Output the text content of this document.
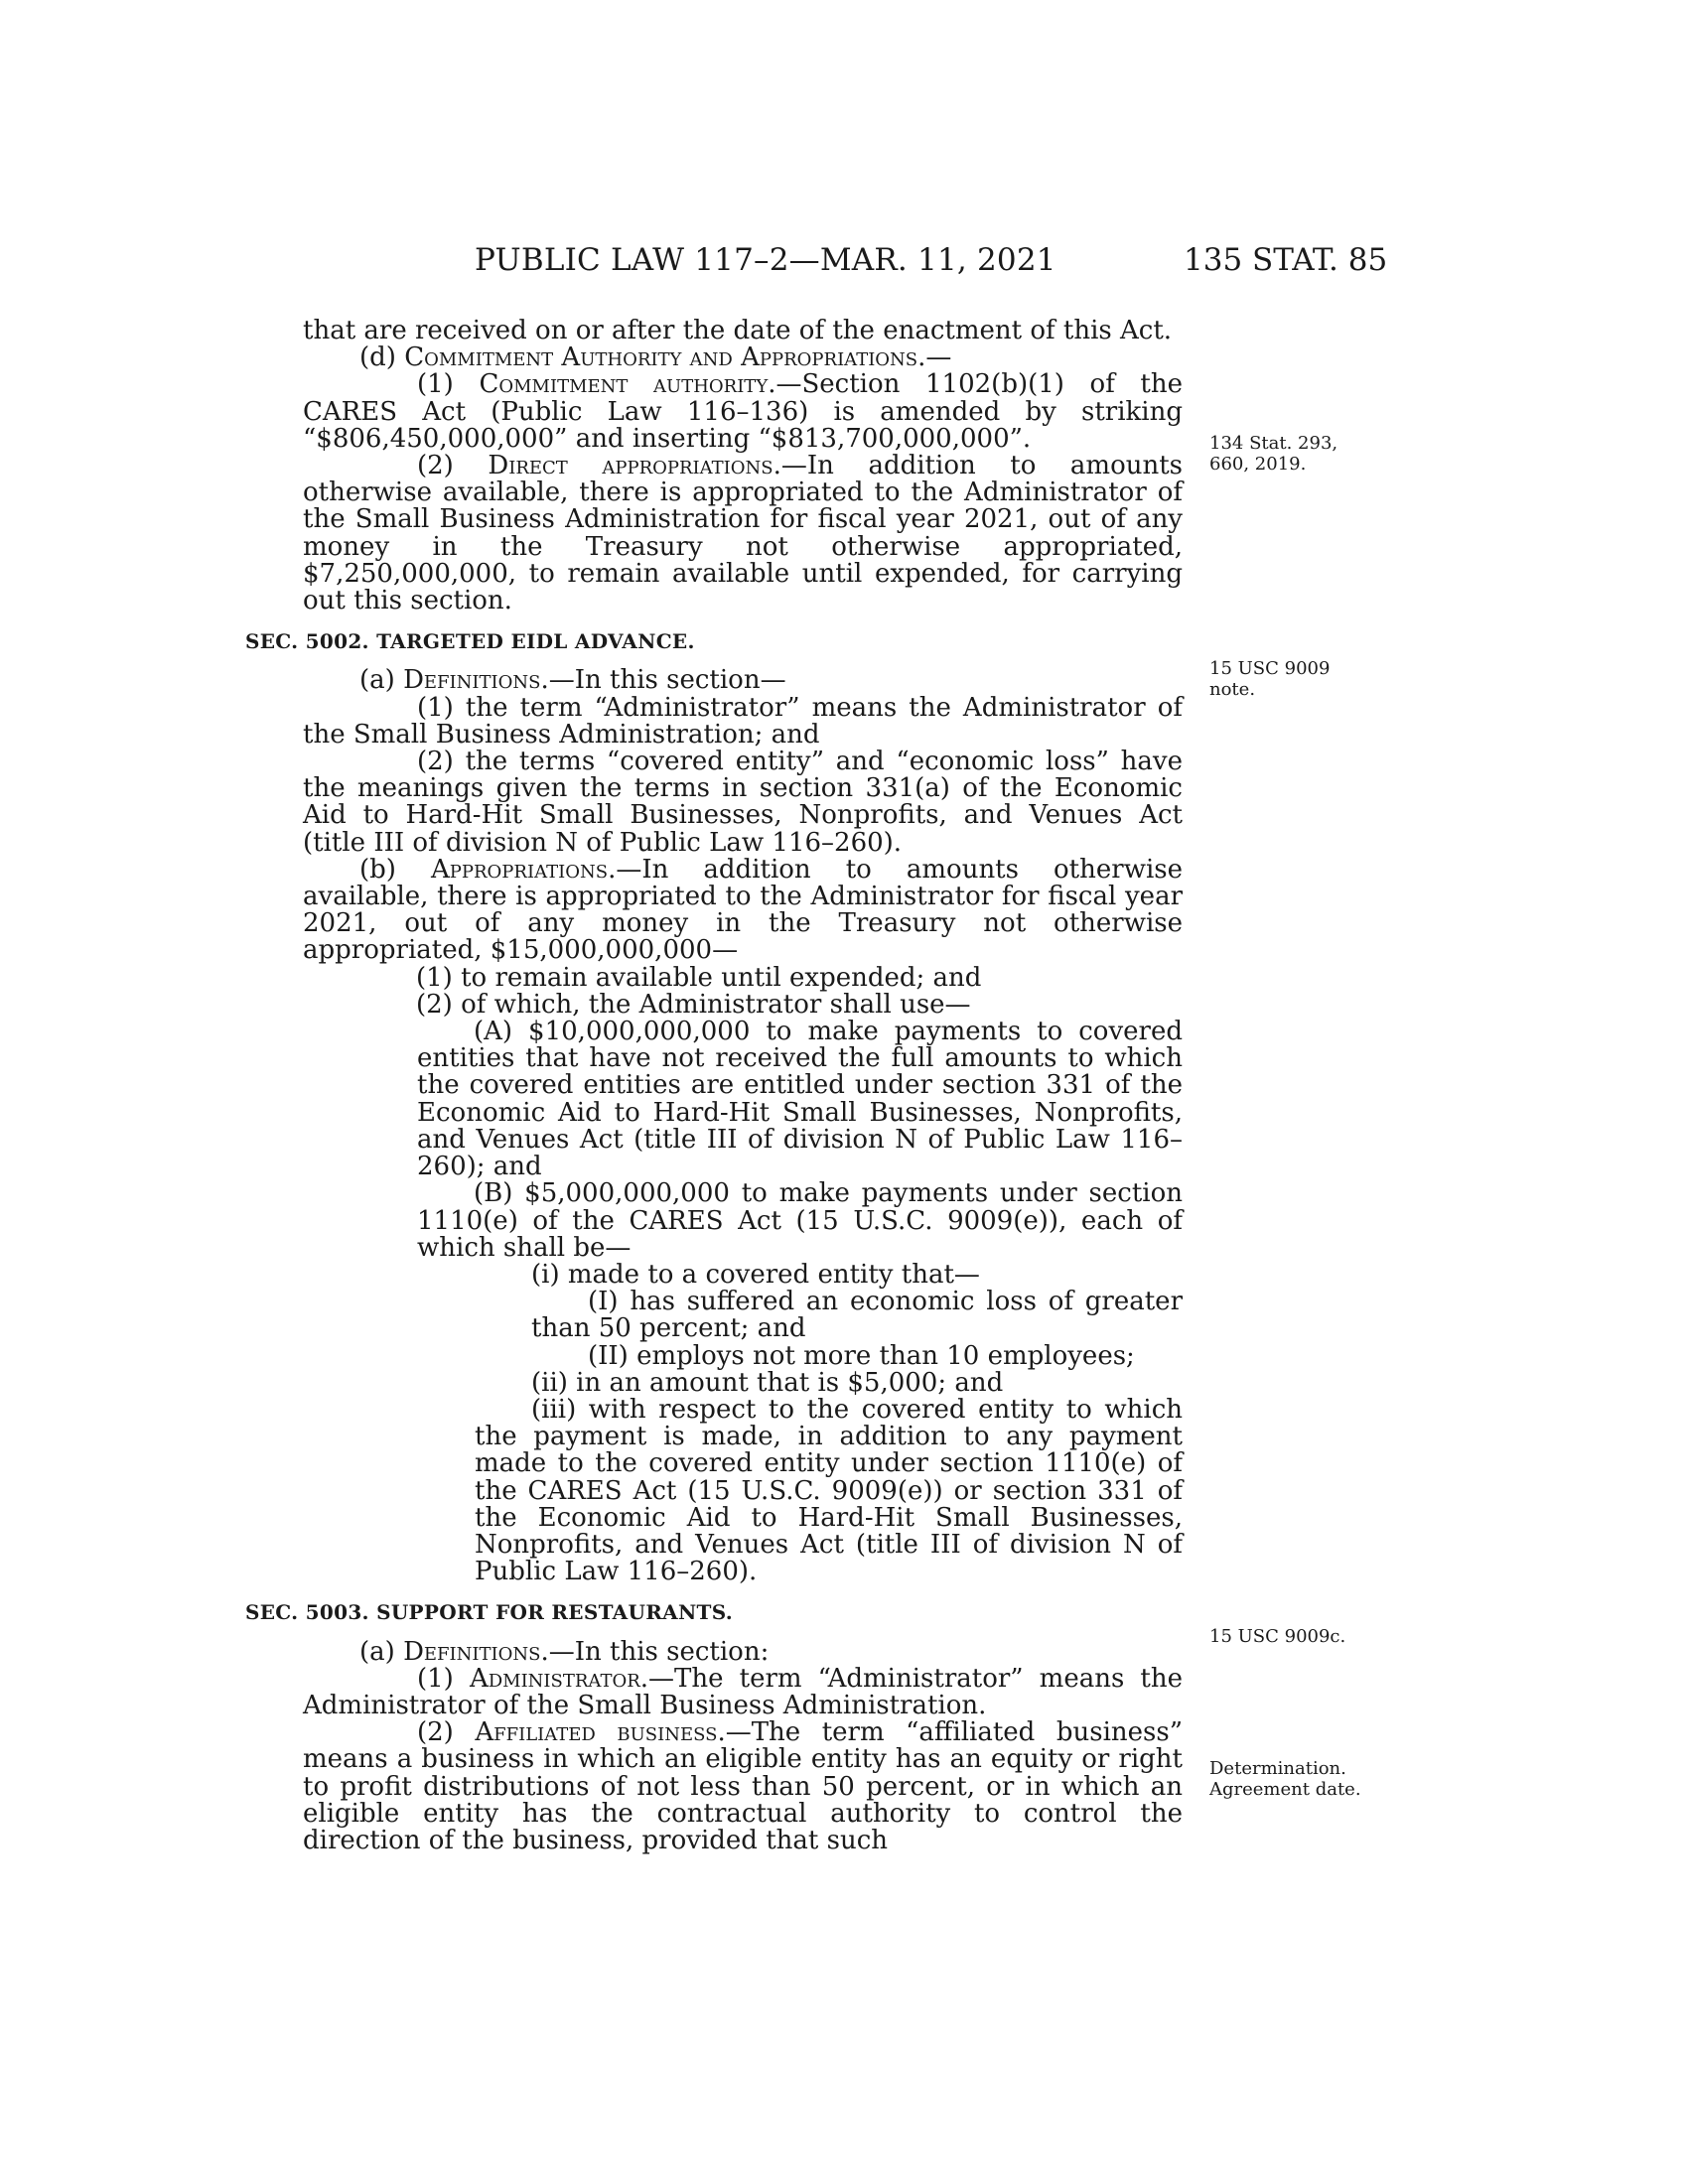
PUBLIC LAW 117–2—MAR. 11, 2021	135 STAT. 85

that are received on or after the date of the enactment of this Act.

(d) Commitment Authority and Appropriations.—

(1) Commitment authority.—Section 1102(b)(1) of the CARES Act (Public Law 116–136) is amended by striking “$806,450,000,000” and inserting “$813,700,000,000”.

(2) Direct appropriations.—In addition to amounts otherwise available, there is appropriated to the Administrator of the Small Business Administration for fiscal year 2021, out of any money in the Treasury not otherwise appropriated, $7,250,000,000, to remain available until expended, for carrying out this section.

SEC. 5002. TARGETED EIDL ADVANCE.

(a) Definitions.—In this section—

(1) the term “Administrator” means the Administrator of the Small Business Administration; and

(2) the terms “covered entity” and “economic loss” have the meanings given the terms in section 331(a) of the Economic Aid to Hard-Hit Small Businesses, Nonprofits, and Venues Act (title III of division N of Public Law 116–260).

(b) Appropriations.—In addition to amounts otherwise available, there is appropriated to the Administrator for fiscal year 2021, out of any money in the Treasury not otherwise appropriated, $15,000,000,000—

(1) to remain available until expended; and

(2) of which, the Administrator shall use—

(A) $10,000,000,000 to make payments to covered entities that have not received the full amounts to which the covered entities are entitled under section 331 of the Economic Aid to Hard-Hit Small Businesses, Nonprofits, and Venues Act (title III of division N of Public Law 116–260); and

(B) $5,000,000,000 to make payments under section 1110(e) of the CARES Act (15 U.S.C. 9009(e)), each of which shall be—

(i) made to a covered entity that—

(I) has suffered an economic loss of greater than 50 percent; and

(II) employs not more than 10 employees;

(ii) in an amount that is $5,000; and

(iii) with respect to the covered entity to which the payment is made, in addition to any payment made to the covered entity under section 1110(e) of the CARES Act (15 U.S.C. 9009(e)) or section 331 of the Economic Aid to Hard-Hit Small Businesses, Nonprofits, and Venues Act (title III of division N of Public Law 116–260).

SEC. 5003. SUPPORT FOR RESTAURANTS.

(a) Definitions.—In this section:

(1) Administrator.—The term “Administrator” means the Administrator of the Small Business Administration.

(2) Affiliated business.—The term “affiliated business” means a business in which an eligible entity has an equity or right to profit distributions of not less than 50 percent, or in which an eligible entity has the contractual authority to control the direction of the business, provided that such

134 Stat. 293,
660, 2019.
15 USC 9009
note.
15 USC 9009c.
Determination.
Agreement date.
